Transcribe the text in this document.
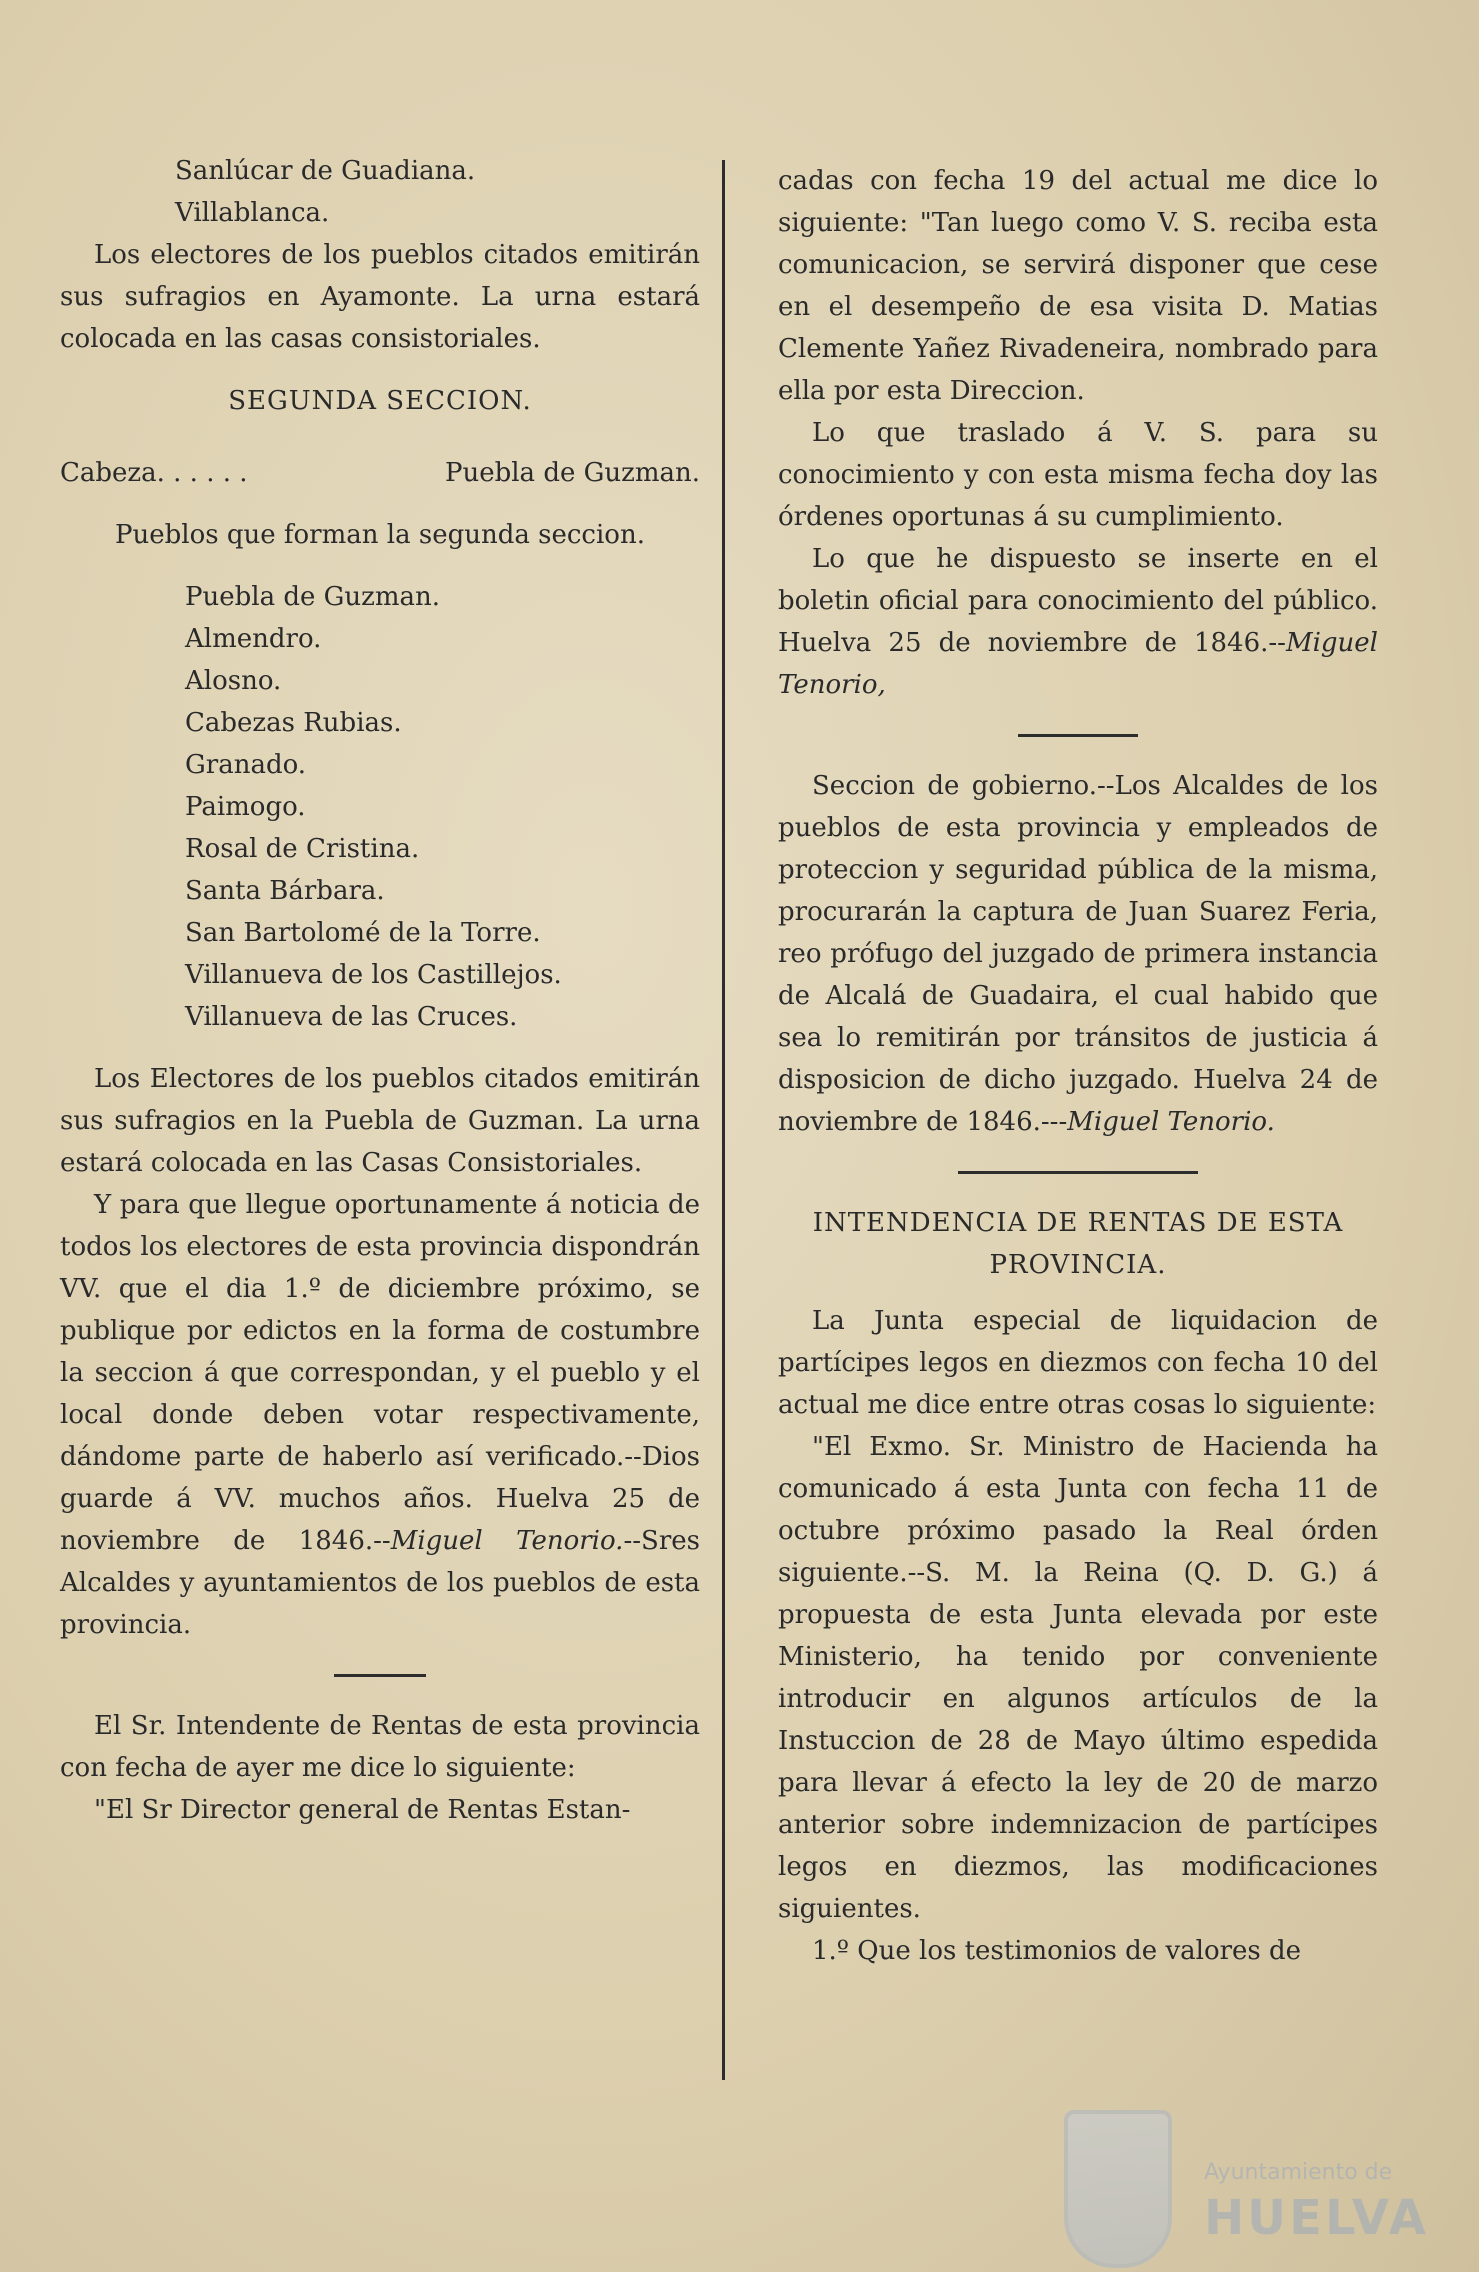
Sanlúcar de Guadiana.

Villablanca.

Los electores de los pueblos citados emitirán sus sufragios en Ayamonte. La urna estará colocada en las casas consistoriales.

SEGUNDA SECCION.

Cabeza. . . . . .	Puebla de Guzman.

Pueblos que forman la segunda seccion.

Puebla de Guzman.
Almendro.
Alosno.
Cabezas Rubias.
Granado.
Paimogo.
Rosal de Cristina.
Santa Bárbara.
San Bartolomé de la Torre.
Villanueva de los Castillejos.
Villanueva de las Cruces.

Los Electores de los pueblos citados emitirán sus sufragios en la Puebla de Guzman. La urna estará colocada en las Casas Consistoriales.

Y para que llegue oportunamente á noticia de todos los electores de esta provincia dispondrán VV. que el dia 1.º de diciembre próximo, se publique por edictos en la forma de costumbre la seccion á que correspondan, y el pueblo y el local donde deben votar respectivamente, dándome parte de haberlo así verificado.--Dios guarde á VV. muchos años. Huelva 25 de noviembre de 1846.--Miguel Tenorio.--Sres Alcaldes y ayuntamientos de los pueblos de esta provincia.

El Sr. Intendente de Rentas de esta provincia con fecha de ayer me dice lo siguiente:

"El Sr Director general de Rentas Estan-

cadas con fecha 19 del actual me dice lo siguiente: "Tan luego como V. S. reciba esta comunicacion, se servirá disponer que cese en el desempeño de esa visita D. Matias Clemente Yañez Rivadeneira, nombrado para ella por esta Direccion.

Lo que traslado á V. S. para su conocimiento y con esta misma fecha doy las órdenes oportunas á su cumplimiento.

Lo que he dispuesto se inserte en el boletin oficial para conocimiento del público. Huelva 25 de noviembre de 1846.--Miguel Tenorio,

Seccion de gobierno.--Los Alcaldes de los pueblos de esta provincia y empleados de proteccion y seguridad pública de la misma, procurarán la captura de Juan Suarez Feria, reo prófugo del juzgado de primera instancia de Alcalá de Guadaira, el cual habido que sea lo remitirán por tránsitos de justicia á disposicion de dicho juzgado. Huelva 24 de noviembre de 1846.---Miguel Tenorio.

INTENDENCIA DE RENTAS DE ESTA
PROVINCIA.

La Junta especial de liquidacion de partícipes legos en diezmos con fecha 10 del actual me dice entre otras cosas lo siguiente:

"El Exmo. Sr. Ministro de Hacienda ha comunicado á esta Junta con fecha 11 de octubre próximo pasado la Real órden siguiente.--S. M. la Reina (Q. D. G.) á propuesta de esta Junta elevada por este Ministerio, ha tenido por conveniente introducir en algunos artículos de la Instuccion de 28 de Mayo último espedida para llevar á efecto la ley de 20 de marzo anterior sobre indemnizacion de partícipes legos en diezmos, las modificaciones siguientes.

1.º Que los testimonios de valores de

Ayuntamiento de
HUELVA
